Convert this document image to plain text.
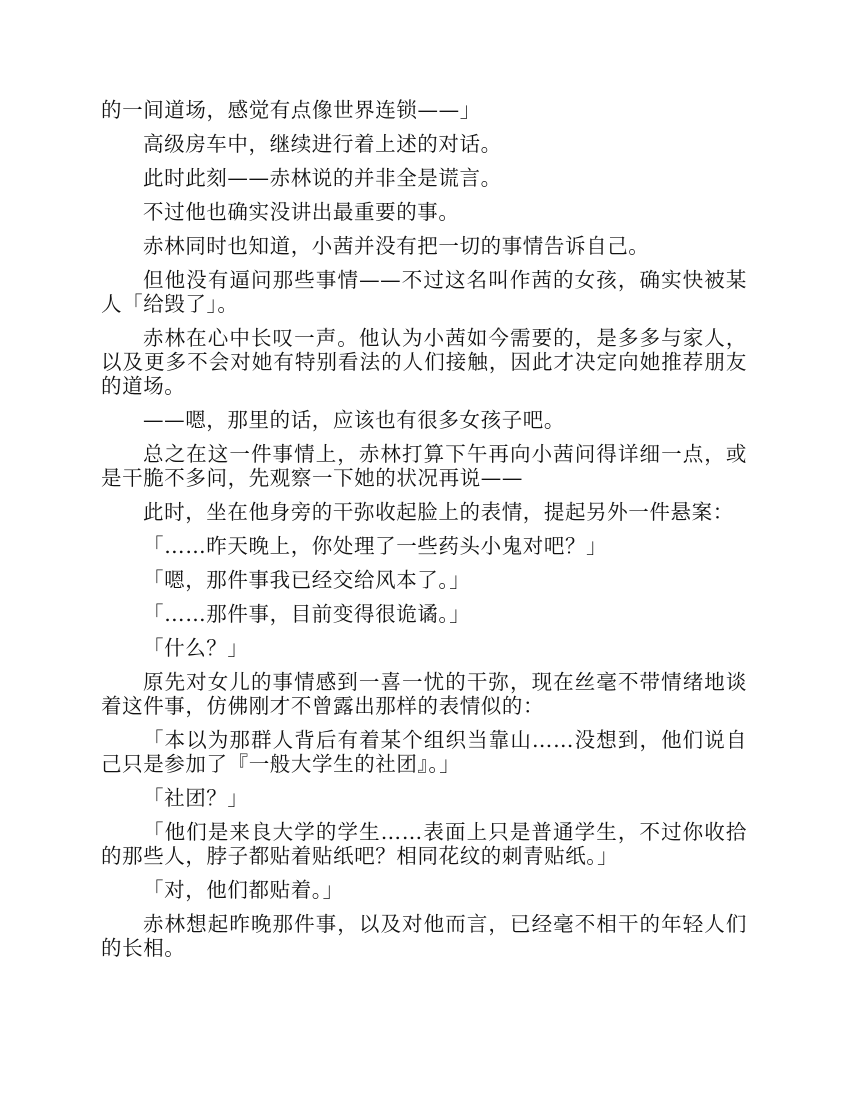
的一间道场，感觉有点像世界连锁——」

高级房车中，继续进行着上述的对话。

此时此刻——赤林说的并非全是谎言。

不过他也确实没讲出最重要的事。

赤林同时也知道，小茜并没有把一切的事情告诉自己。

但他没有逼问那些事情——不过这名叫作茜的女孩，确实快被某人「给毁了」。

赤林在心中长叹一声。他认为小茜如今需要的，是多多与家人，以及更多不会对她有特别看法的人们接触，因此才决定向她推荐朋友的道场。

——嗯，那里的话，应该也有很多女孩子吧。

总之在这一件事情上，赤林打算下午再向小茜问得详细一点，或是干脆不多问，先观察一下她的状况再说——

此时，坐在他身旁的干弥收起脸上的表情，提起另外一件悬案：

「……昨天晚上，你处理了一些药头小鬼对吧？」

「嗯，那件事我已经交给风本了。」

「……那件事，目前变得很诡谲。」

「什么？」

原先对女儿的事情感到一喜一忧的干弥，现在丝毫不带情绪地谈着这件事，仿佛刚才不曾露出那样的表情似的：

「本以为那群人背后有着某个组织当靠山……没想到，他们说自己只是参加了『一般大学生的社团』。」

「社团？」

「他们是来良大学的学生……表面上只是普通学生，不过你收拾的那些人，脖子都贴着贴纸吧？相同花纹的刺青贴纸。」

「对，他们都贴着。」

赤林想起昨晚那件事，以及对他而言，已经毫不相干的年轻人们的长相。
